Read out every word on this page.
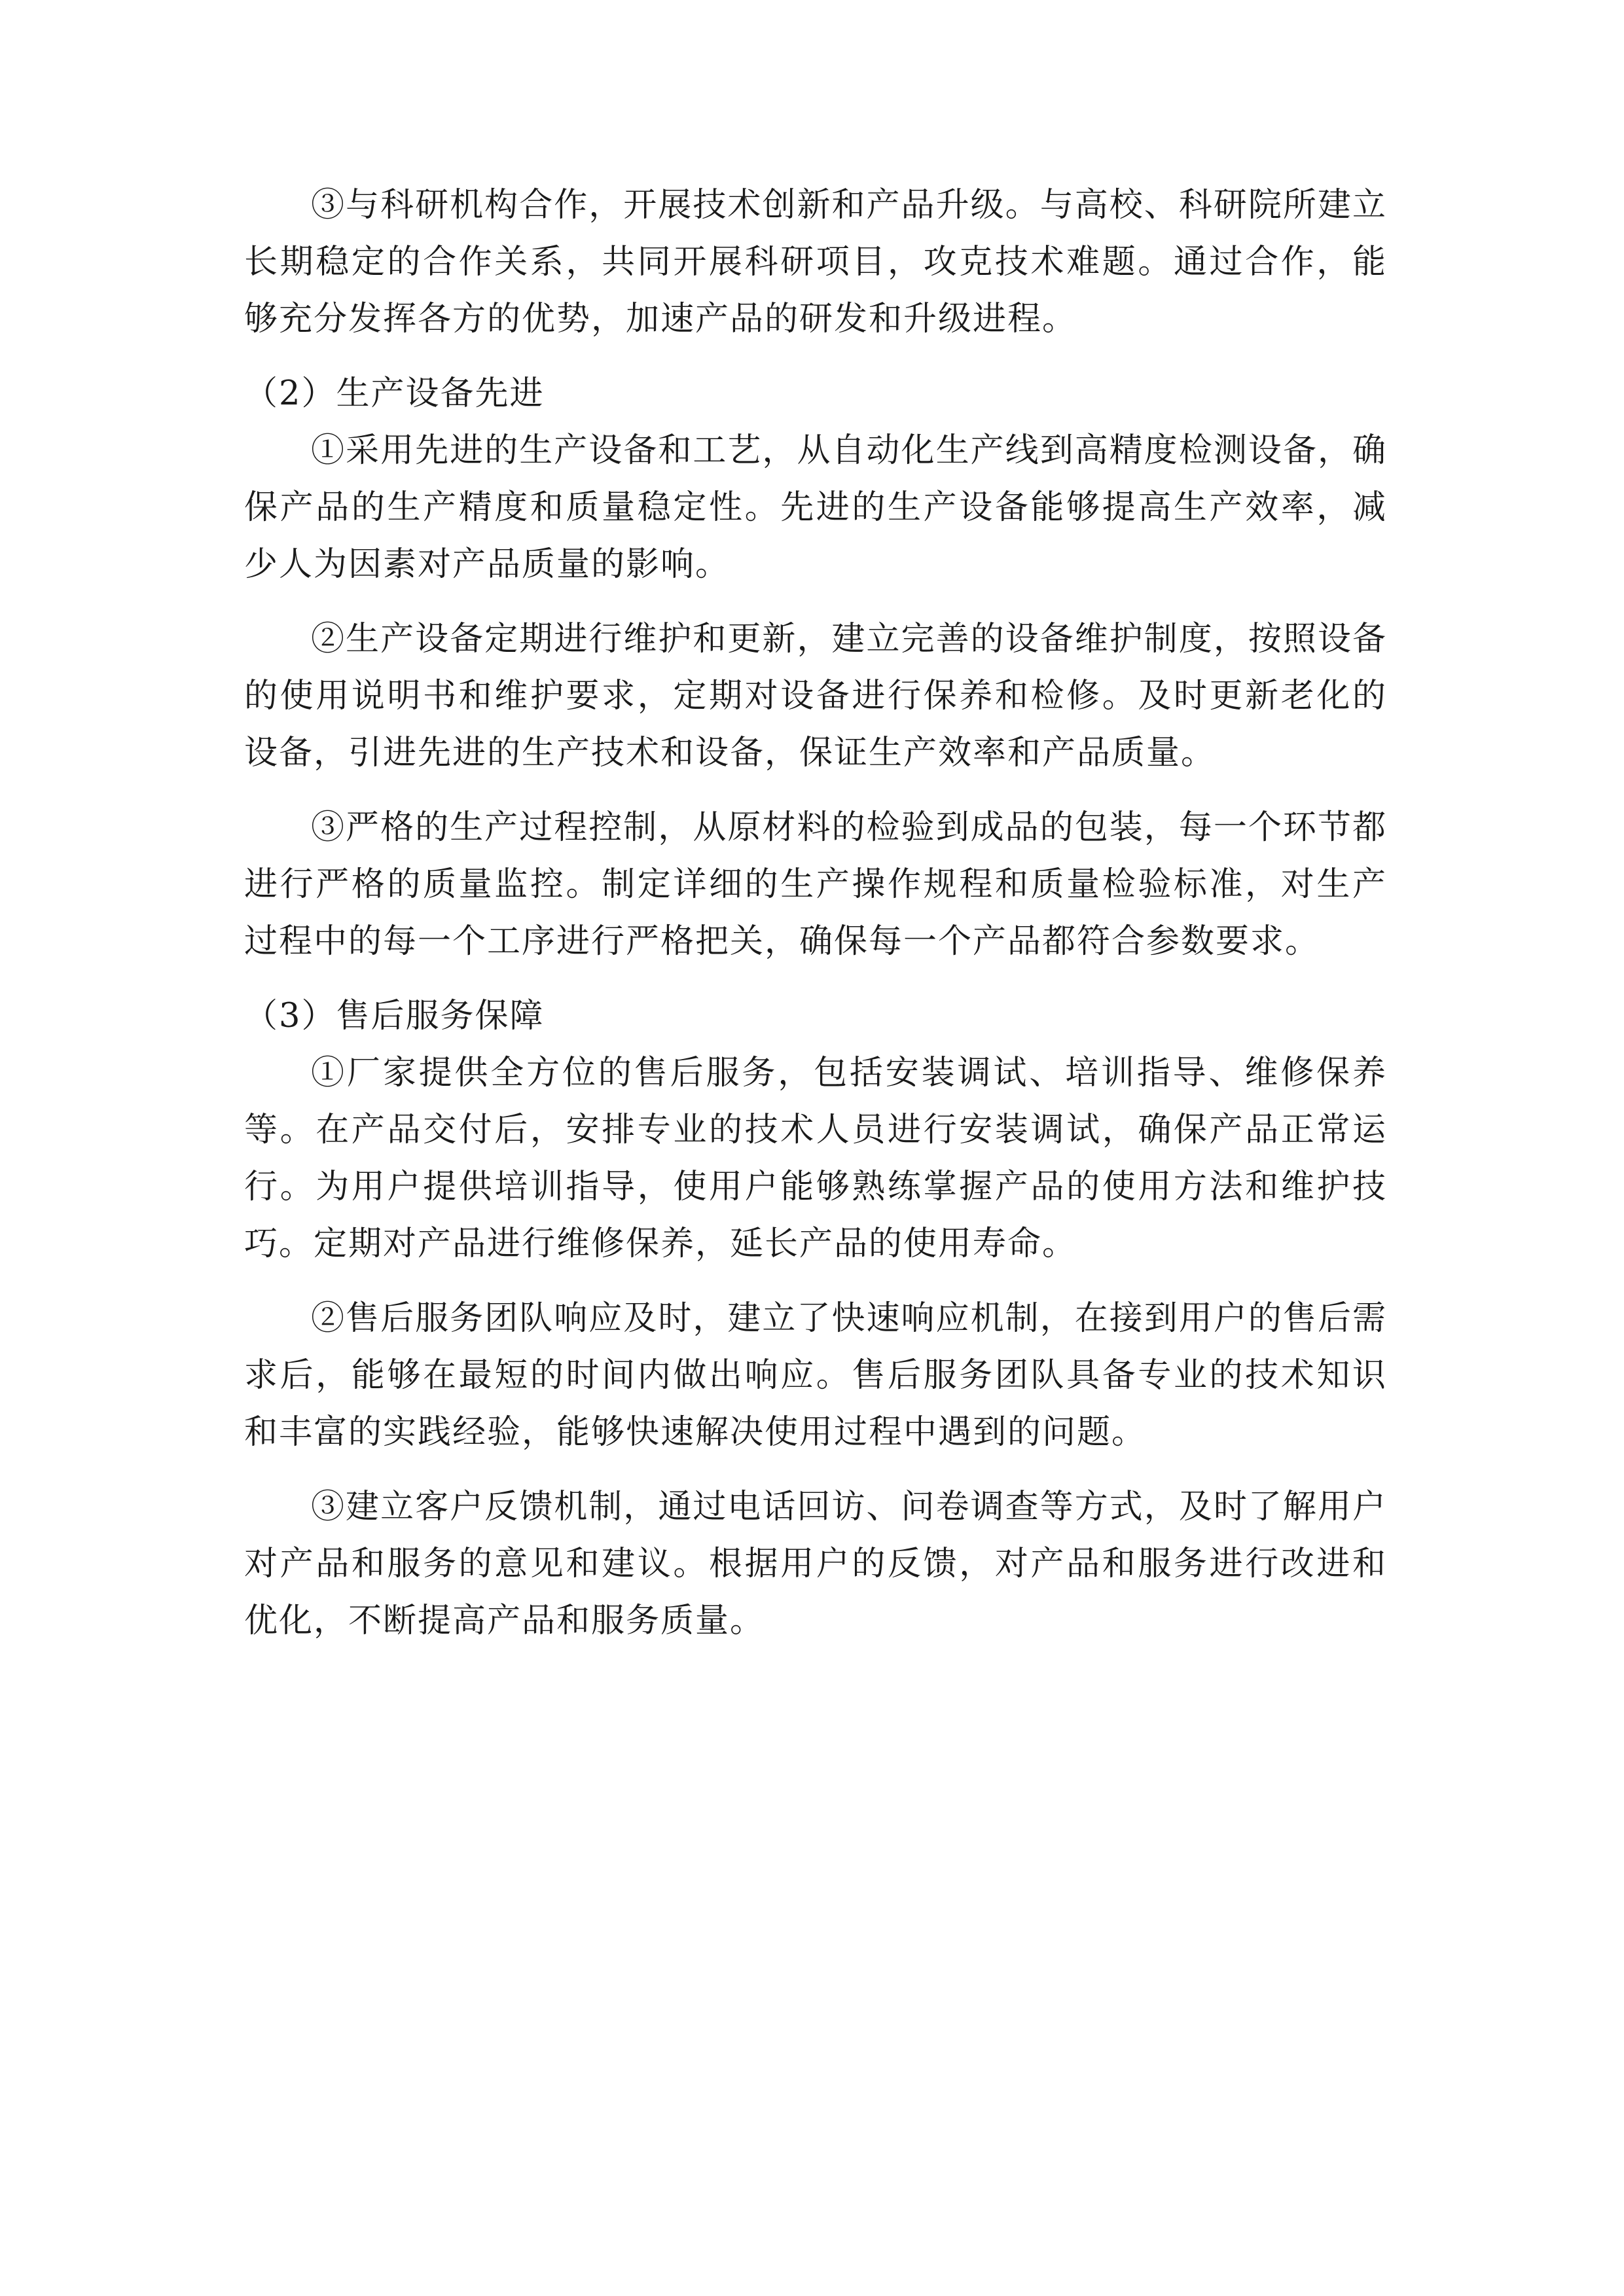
③与科研机构合作，开展技术创新和产品升级。与高校、科研院所建立长期稳定的合作关系，共同开展科研项目，攻克技术难题。通过合作，能够充分发挥各方的优势，加速产品的研发和升级进程。

（2）生产设备先进

①采用先进的生产设备和工艺，从自动化生产线到高精度检测设备，确保产品的生产精度和质量稳定性。先进的生产设备能够提高生产效率，减少人为因素对产品质量的影响。

②生产设备定期进行维护和更新，建立完善的设备维护制度，按照设备的使用说明书和维护要求，定期对设备进行保养和检修。及时更新老化的设备，引进先进的生产技术和设备，保证生产效率和产品质量。

③严格的生产过程控制，从原材料的检验到成品的包装，每一个环节都进行严格的质量监控。制定详细的生产操作规程和质量检验标准，对生产过程中的每一个工序进行严格把关，确保每一个产品都符合参数要求。

（3）售后服务保障

①厂家提供全方位的售后服务，包括安装调试、培训指导、维修保养等。在产品交付后，安排专业的技术人员进行安装调试，确保产品正常运行。为用户提供培训指导，使用户能够熟练掌握产品的使用方法和维护技巧。定期对产品进行维修保养，延长产品的使用寿命。

②售后服务团队响应及时，建立了快速响应机制，在接到用户的售后需求后，能够在最短的时间内做出响应。售后服务团队具备专业的技术知识和丰富的实践经验，能够快速解决使用过程中遇到的问题。

③建立客户反馈机制，通过电话回访、问卷调查等方式，及时了解用户对产品和服务的意见和建议。根据用户的反馈，对产品和服务进行改进和优化，不断提高产品和服务质量。
